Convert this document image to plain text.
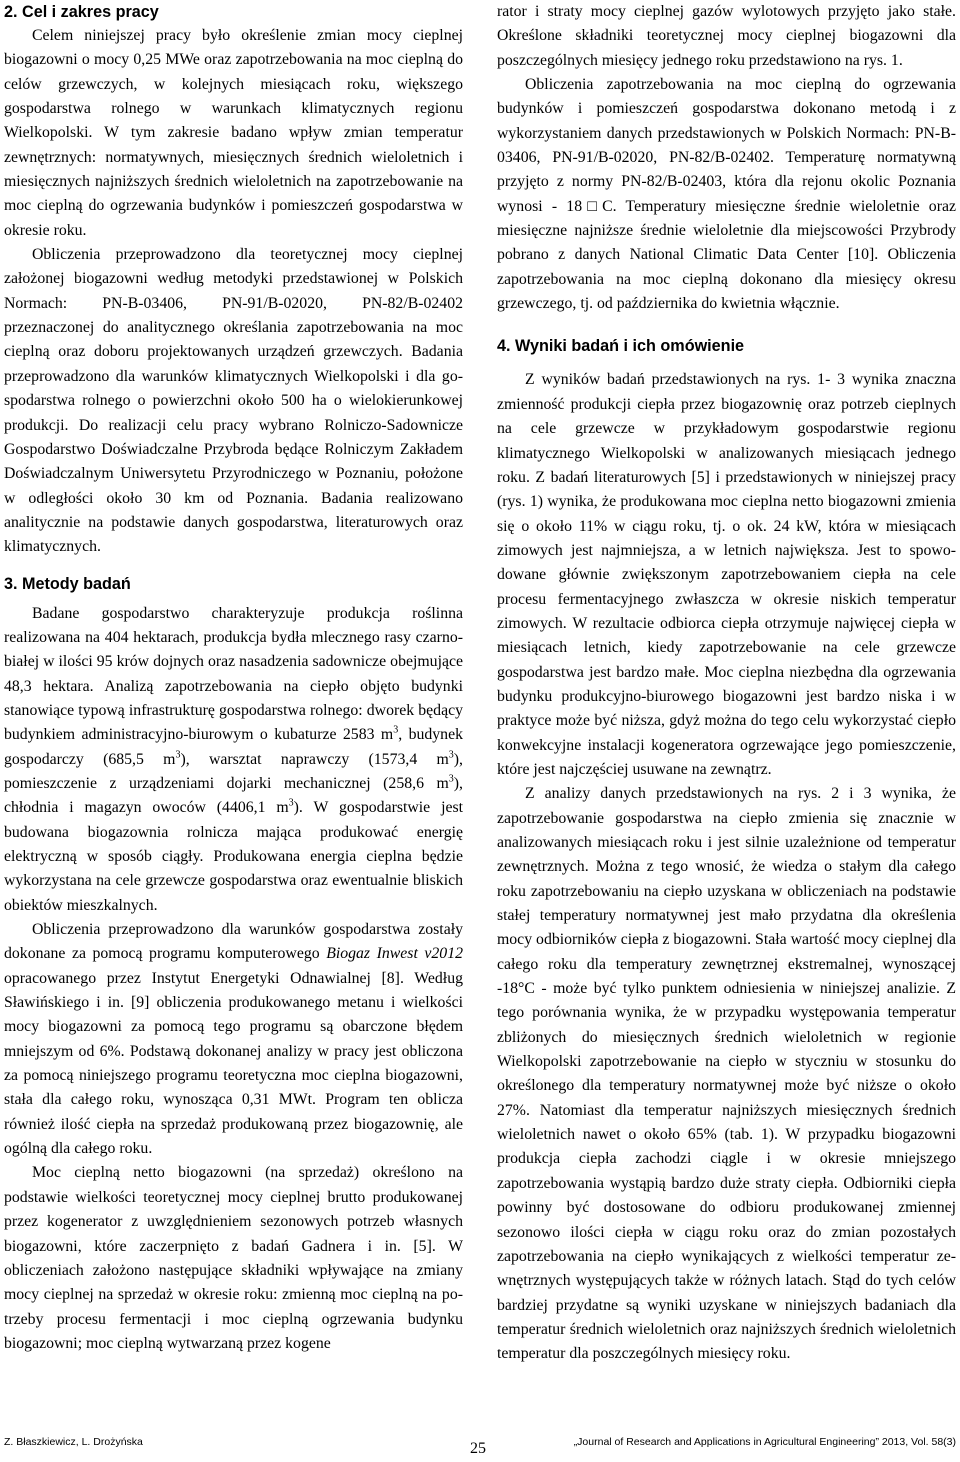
2. Cel i zakres pracy

Celem niniejszej pracy było określenie zmian mocy cieplnej biogazowni o mocy 0,25 MWe oraz zapotrzebowania na moc cieplną do celów grzewczych, w kolejnych miesiącach roku, większego gospodarstwa rolnego w warunkach klimatycznych regionu Wielkopolski. W tym zakresie badano wpływ zmian temperatur zewnętrznych: normatywnych, miesięcznych średnich wieloletnich i miesięcznych najniższych średnich wieloletnich na zapotrzebowanie na moc cieplną do ogrzewania budynków i pomieszczeń gospodarstwa w okresie roku.

Obliczenia przeprowadzono dla teoretycznej mocy cieplnej założonej biogazowni według metodyki przedstawionej w Polskich Normach: PN-B-03406, PN-91/B-02020, PN-82/B-02402 przeznaczonej do analitycznego określania zapotrzebowania na moc cieplną oraz doboru projektowanych urządzeń grzewczych. Badania przeprowadzono dla warunków klimatycznych Wielkopolski i dla gospodarstwa rolnego o powierzchni około 500 ha o wielokierunkowej produkcji. Do realizacji celu pracy wybrano Rolniczo-Sadownicze Gospodarstwo Doświadczalne Przybroda będące Rolniczym Zakładem Doświadczalnym Uniwersytetu Przyrodniczego w Poznaniu, położone w odległości około 30 km od Poznania. Badania realizowano analitycznie na podstawie danych gospodarstwa, literaturowych oraz klimatycznych.

3. Metody badań

Badane gospodarstwo charakteryzuje produkcja roślinna realizowana na 404 hektarach, produkcja bydła mlecznego rasy czarno-białej w ilości 95 krów dojnych oraz nasadzenia sadownicze obejmujące 48,3 hektara. Analizą zapotrzebowania na ciepło objęto budynki stanowiące typową infrastrukturę gospodarstwa rolnego: dworek będący budynkiem administracyjno-biurowym o kubaturze 2583 $m^3$, budynek gospodarczy (685,5 $m^3$), warsztat naprawczy (1573,4 $m^3$), pomieszczenie z urządzeniami dojarki mechanicznej (258,6 $m^3$), chłodnia i magazyn owoców (4406,1 $m^3$). W gospodarstwie jest budowana biogazownia rolnicza mająca produkować energię elektryczną w sposób ciągły. Produkowana energia cieplna będzie wykorzystana na cele grzewcze gospodarstwa oraz ewentualnie bliskich obiektów mieszkalnych.

Obliczenia przeprowadzono dla warunków gospodarstwa zostały dokonane za pomocą programu komputerowego Biogaz Inwest v2012 opracowanego przez Instytut Energetyki Odnawialnej [8]. Według Sławińskiego i in. [9] obliczenia produkowanego metanu i wielkości mocy biogazowni za pomocą tego programu są obarczone błędem mniejszym od 6%. Podstawą dokonanej analizy w pracy jest obliczona za pomocą niniejszego programu teoretyczna moc cieplna biogazowni, stała dla całego roku, wynosząca 0,31 MWt. Program ten oblicza również ilość ciepła na sprzedaż produkowaną przez biogazownię, ale ogólną dla całego roku.

Moc cieplną netto biogazowni (na sprzedaż) określono na podstawie wielkości teoretycznej mocy cieplnej brutto produkowanej przez kogenerator z uwzględnieniem sezonowych potrzeb własnych biogazowni, które zaczerpnięto z badań Gadnera i in. [5]. W obliczeniach założono następujące składniki wpływające na zmiany mocy cieplnej na sprzedaż w okresie roku: zmienną moc cieplną na potrzeby procesu fermentacji i moc cieplną ogrzewania budynku biogazowni; moc cieplną wytwarzaną przez kogene

rator i straty mocy cieplnej gazów wylotowych przyjęto jako stałe. Określone składniki teoretycznej mocy cieplnej biogazowni dla poszczególnych miesięcy jednego roku przedstawiono na rys. 1.

Obliczenia zapotrzebowania na moc cieplną do ogrzewania budynków i pomieszczeń gospodarstwa dokonano metodą i z wykorzystaniem danych przedstawionych w Polskich Normach: PN-B-03406, PN-91/B-02020, PN-82/B-02402. Temperaturę normatywną przyjęto z normy PN-82/B-02403, która dla rejonu okolic Poznania wynosi - 18□C. Temperatury miesięczne średnie wieloletnie oraz miesięczne najniższe średnie wieloletnie dla miejscowości Przybrody pobrano z danych National Climatic Data Center [10]. Obliczenia zapotrzebowania na moc cieplną dokonano dla miesięcy okresu grzewczego, tj. od października do kwietnia włącznie.

4. Wyniki badań i ich omówienie

Z wyników badań przedstawionych na rys. 1- 3 wynika znaczna zmienność produkcji ciepła przez biogazownię oraz potrzeb cieplnych na cele grzewcze w przykładowym gospodarstwie regionu klimatycznego Wielkopolski w analizowanych miesiącach jednego roku. Z badań literaturowych [5] i przedstawionych w niniejszej pracy (rys. 1) wynika, że produkowana moc cieplna netto biogazowni zmienia się o około 11% w ciągu roku, tj. o ok. 24 kW, która w miesiącach zimowych jest najmniejsza, a w letnich największa. Jest to spowodowane głównie zwiększonym zapotrzebowaniem ciepła na cele procesu fermentacyjnego zwłaszcza w okresie niskich temperatur zimowych. W rezultacie odbiorca ciepła otrzymuje najwięcej ciepła w miesiącach letnich, kiedy zapotrzebowanie na cele grzewcze gospodarstwa jest bardzo małe. Moc cieplna niezbędna dla ogrzewania budynku produkcyjno-biurowego biogazowni jest bardzo niska i w praktyce może być niższa, gdyż można do tego celu wykorzystać ciepło konwekcyjne instalacji kogeneratora ogrzewające jego pomieszczenie, które jest najczęściej usuwane na zewnątrz.

Z analizy danych przedstawionych na rys. 2 i 3 wynika, że zapotrzebowanie gospodarstwa na ciepło zmienia się znacznie w analizowanych miesiącach roku i jest silnie uzależnione od temperatur zewnętrznych. Można z tego wnosić, że wiedza o stałym dla całego roku zapotrzebowaniu na ciepło uzyskana w obliczeniach na podstawie stałej temperatury normatywnej jest mało przydatna dla określenia mocy odbiorników ciepła z biogazowni. Stała wartość mocy cieplnej dla całego roku dla temperatury zewnętrznej ekstremalnej, wynoszącej -18°C - może być tylko punktem odniesienia w niniejszej analizie. Z tego porównania wynika, że w przypadku występowania temperatur zbliżonych do miesięcznych średnich wieloletnich w regionie Wielkopolski zapotrzebowanie na ciepło w styczniu w stosunku do określonego dla temperatury normatywnej może być niższe o około 27%. Natomiast dla temperatur najniższych miesięcznych średnich wieloletnich nawet o około 65% (tab. 1). W przypadku biogazowni produkcja ciepła zachodzi ciągle i w okresie mniejszego zapotrzebowania wystąpią bardzo duże straty ciepła. Odbiorniki ciepła powinny być dostosowane do odbioru produkowanej zmiennej sezonowo ilości ciepła w ciągu roku oraz do zmian pozostałych zapotrzebowania na ciepło wynikających z wielkości temperatur zewnętrznych występujących także w różnych latach. Stąd do tych celów bardziej przydatne są wyniki uzyskane w niniejszych badaniach dla temperatur średnich wieloletnich oraz najniższych średnich wieloletnich temperatur dla poszczególnych miesięcy roku.

Z. Błaszkiewicz, L. Drożyńska	25	„Journal of Research and Applications in Agricultural Engineering” 2013, Vol. 58(3)
